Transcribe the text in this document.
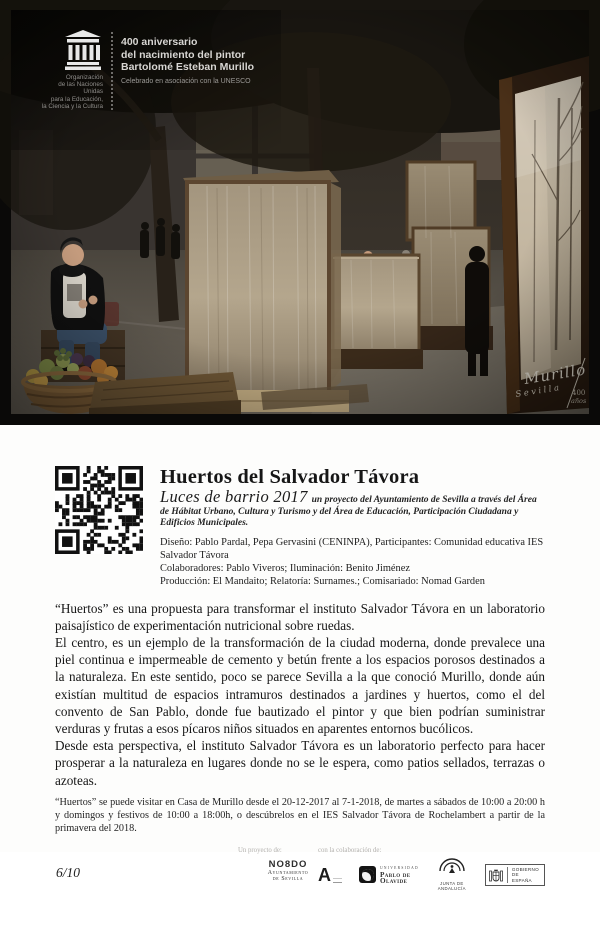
Organización
de las Naciones Unidas
para la Educación,
la Ciencia y la Cultura
400 aniversario
del nacimiento del pintor
Bartolomé Esteban Murillo
Celebrado en asociación con la UNESCO
Huertos del Salvador Távora
Luces de barrio 2017 un proyecto del Ayuntamiento de Sevilla a través del Área de Hábitat Urbano, Cultura y Turismo y del Área de Educación, Participación Ciudadana y Edificios Municipales.
Diseño: Pablo Pardal, Pepa Gervasini (CENINPA), Participantes: Comunidad educativa IES Salvador Távora
Colaboradores: Pablo Viveros; Iluminación: Benito Jiménez
Producción: El Mandaito; Relatoría: Surnames.; Comisariado: Nomad Garden

“Huertos” es una propuesta para transformar el instituto Salvador Távora en un laboratorio paisajístico de experimentación nutricional sobre ruedas.

El centro, es un ejemplo de la transformación de la ciudad moderna, donde prevalece una piel continua e impermeable de cemento y betún frente a los espacios porosos destinados a la naturaleza. En este sentido, poco se parece Sevilla a la que conoció Murillo, donde aún existían multitud de espacios intramuros destinados a jardines y huertos, como el del convento de San Pablo, donde fue bautizado el pintor y que bien podrían suministrar verduras y frutas a esos pícaros niños situados en aparentes entornos bucólicos.

Desde esta perspectiva, el instituto Salvador Távora es un laboratorio perfecto para hacer prosperar a la naturaleza en lugares donde no se le espera, como patios sellados, terrazas o azoteas.

“Huertos” se puede visitar en Casa de Murillo desde el 20-12-2017 al 7-1-2018, de martes a sábados de 10:00 a 20:00 h y domingos y festivos de 10:00 a 18:00h, o descúbrelos en el IES Salvador Távora de Rochelambert a partir de la primavera del 2018.

6/10
Un proyecto de:	con la colaboración de:
NO8DO
Ayuntamiento
de Sevilla A	UNIVERSIDAD
Pablo de
Olavide	JUNTA DE ANDALUCÍA
GOBIERNO
DE ESPAÑA
